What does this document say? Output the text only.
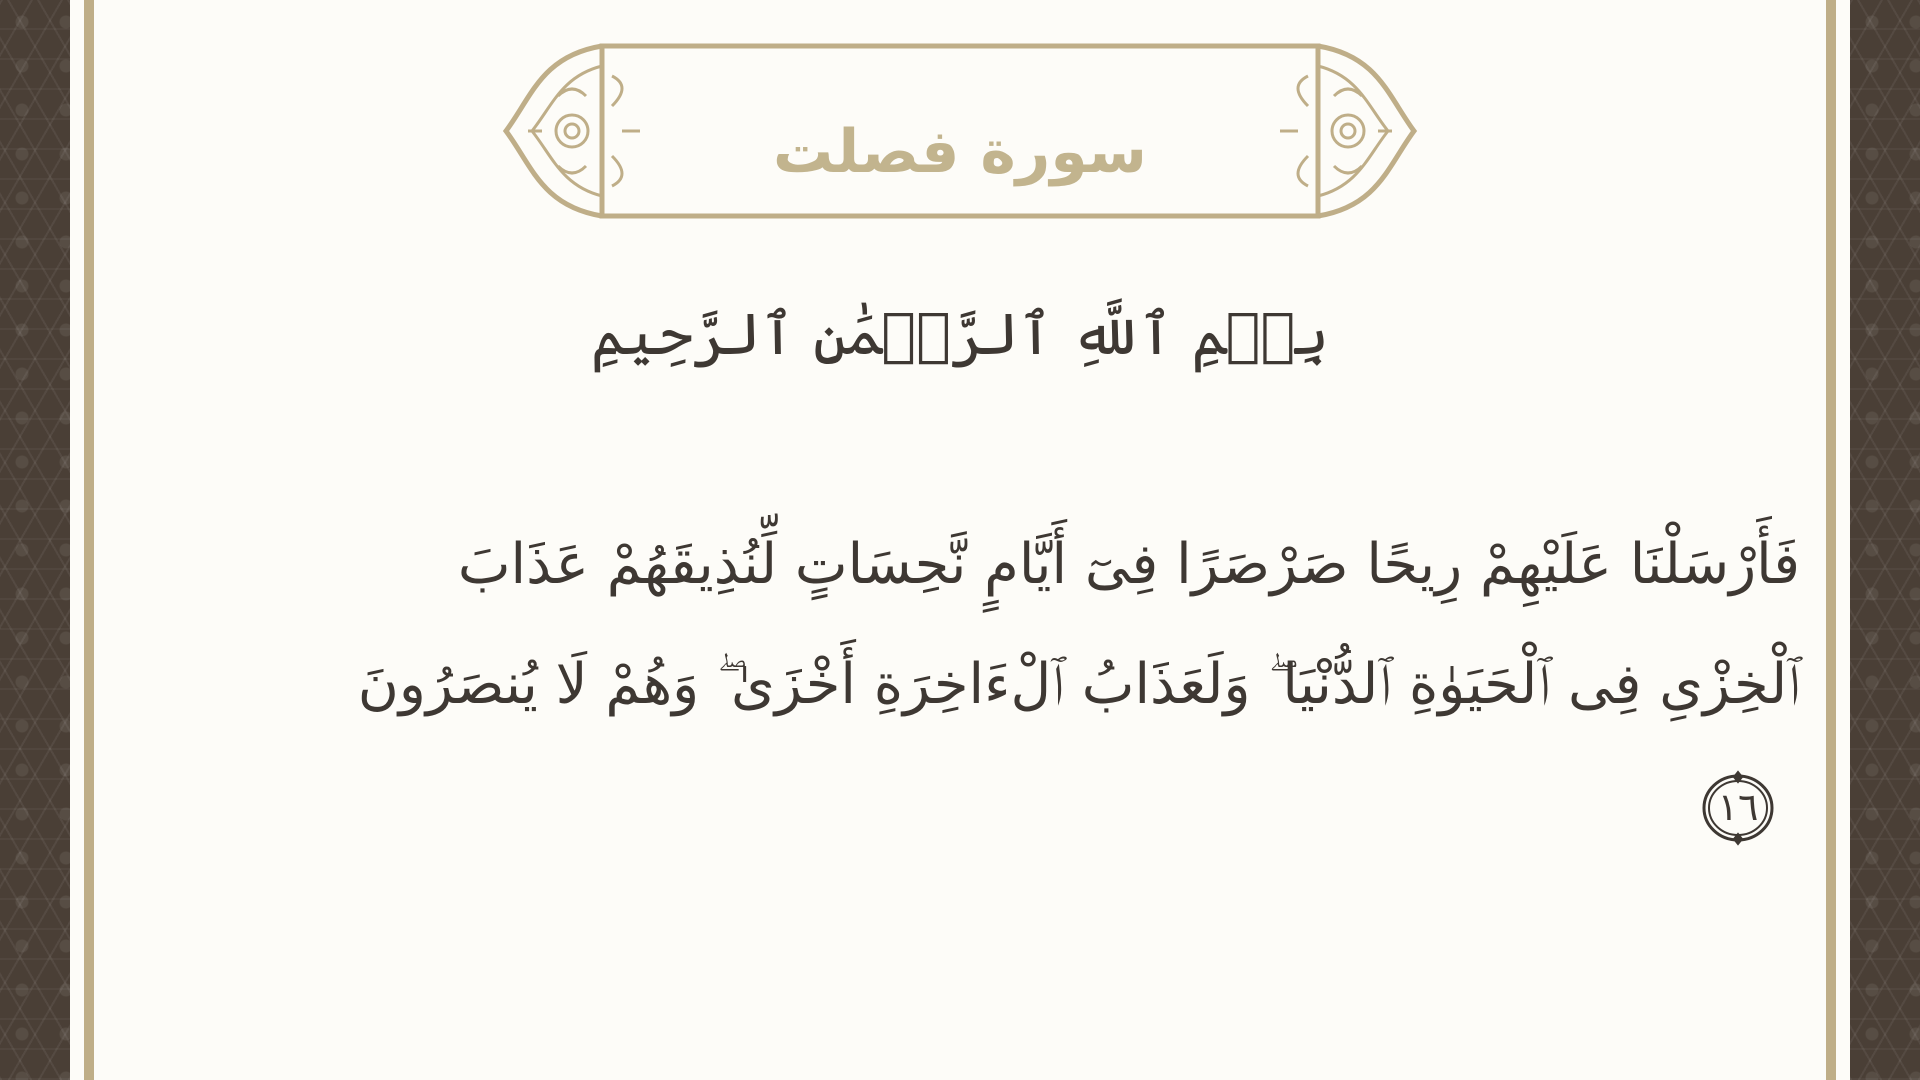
سورة فصلت
بِسۡمِ ٱللَّهِ ٱلرَّحۡمَٰنِ ٱلرَّحِيمِ
فَأَرْسَلْنَا عَلَيْهِمْ رِيحًا صَرْصَرًا فِىٓ أَيَّامٍ نَّحِسَاتٍ لِّنُذِيقَهُمْ عَذَابَ ٱلْخِزْىِ فِى ٱلْحَيَوٰةِ ٱلدُّنْيَا ۖ وَلَعَذَابُ ٱلْءَاخِرَةِ أَخْزَىٰ ۖ وَهُمْ لَا يُنصَرُونَ
١٦
